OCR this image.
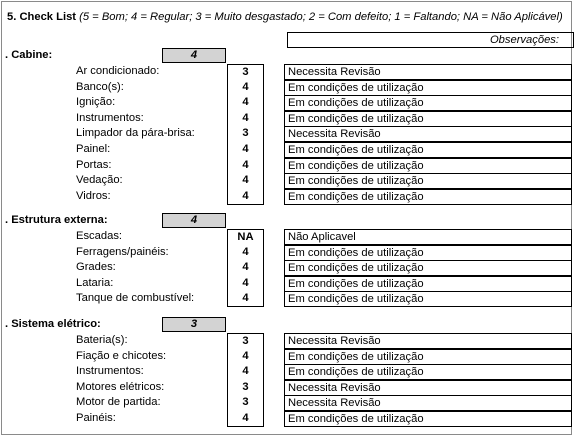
5. Check List (5 = Bom; 4 = Regular; 3 = Muito desgastado; 2 = Com defeito; 1 = Faltando; NA = Não Aplicável)
Observações:
. Cabine:	4
Ar condicionado:	3	Necessita Revisão
Banco(s):	4	Em condições de utilização
Ignição:	4	Em condições de utilização
Instrumentos:	4	Em condições de utilização
Limpador da pára-brisa:	3	Necessita Revisão
Painel:	4	Em condições de utilização
Portas:	4	Em condições de utilização
Vedação:	4	Em condições de utilização
Vidros:	4	Em condições de utilização
. Estrutura externa:	4
Escadas:	NA	Não Aplicavel
Ferragens/painéis:	4	Em condições de utilização
Grades:	4	Em condições de utilização
Lataria:	4	Em condições de utilização
Tanque de combustível:	4	Em condições de utilização
. Sistema elétrico:	3
Bateria(s):	3	Necessita Revisão
Fiação e chicotes:	4	Em condições de utilização
Instrumentos:	4	Em condições de utilização
Motores elétricos:	3	Necessita Revisão
Motor de partida:	3	Necessita Revisão
Painéis:	4	Em condições de utilização
